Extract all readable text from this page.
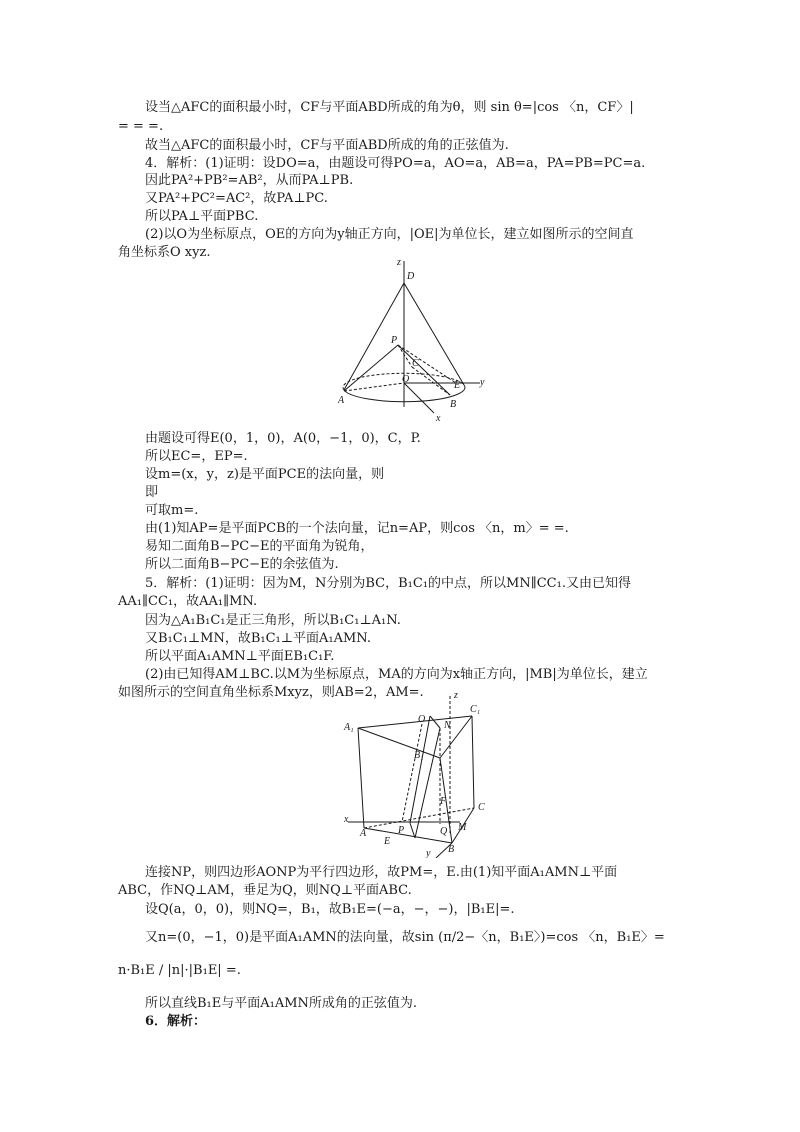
设当△AFC的面积最小时，CF与平面ABD所成的角为θ，则 sin θ=|cos 〈n，CF〉|
= = =.
故当△AFC的面积最小时，CF与平面ABD所成的角的正弦值为.
4．解析：(1)证明：设DO=a，由题设可得PO=a，AO=a，AB=a，PA=PB=PC=a.
因此PA²+PB²=AB²，从而PA⊥PB.
又PA²+PC²=AC²，故PA⊥PC.
所以PA⊥平面PBC.
(2)以O为坐标原点，OE的方向为y轴正方向，|OE|为单位长，建立如图所示的空间直
角坐标系O xyz.
z
D
P
C
O
E y
A	B
x
由题设可得E(0，1，0)，A(0，−1，0)，C，P.
所以EC=，EP=.
设m=(x，y，z)是平面PCE的法向量，则
即
可取m=.
由(1)知AP=是平面PCB的一个法向量，记n=AP，则cos 〈n，m〉= =.
易知二面角B−PC−E的平面角为锐角，
所以二面角B−PC−E的余弦值为.
5．解析：(1)证明：因为M，N分别为BC，B₁C₁的中点，所以MN∥CC₁.又由已知得
AA₁∥CC₁，故AA₁∥MN.
因为△A₁B₁C₁是正三角形，所以B₁C₁⊥A₁N.
又B₁C₁⊥MN，故B₁C₁⊥平面A₁AMN.
所以平面A₁AMN⊥平面EB₁C₁F.
(2)由已知得AM⊥BC.以M为坐标原点，MA的方向为x轴正方向，|MB|为单位长，建立
如图所示的空间直角坐标系Mxyz，则AB=2，AM=.	z
C₁
A₁
O
N
B₁
F
C
x
A	P
E
Q M
B
y
连接NP，则四边形AONP为平行四边形，故PM=，E.由(1)知平面A₁AMN⊥平面
ABC，作NQ⊥AM，垂足为Q，则NQ⊥平面ABC.
设Q(a，0，0)，则NQ=，B₁，故B₁E=(−a，−，−)，|B₁E|=.
又n=(0，−1，0)是平面A₁AMN的法向量，故sin (π/2−〈n，B₁E〉)=cos 〈n，B₁E〉=
n·B₁E / |n|·|B₁E| =.
所以直线B₁E与平面A₁AMN所成角的正弦值为.
6．解析：
